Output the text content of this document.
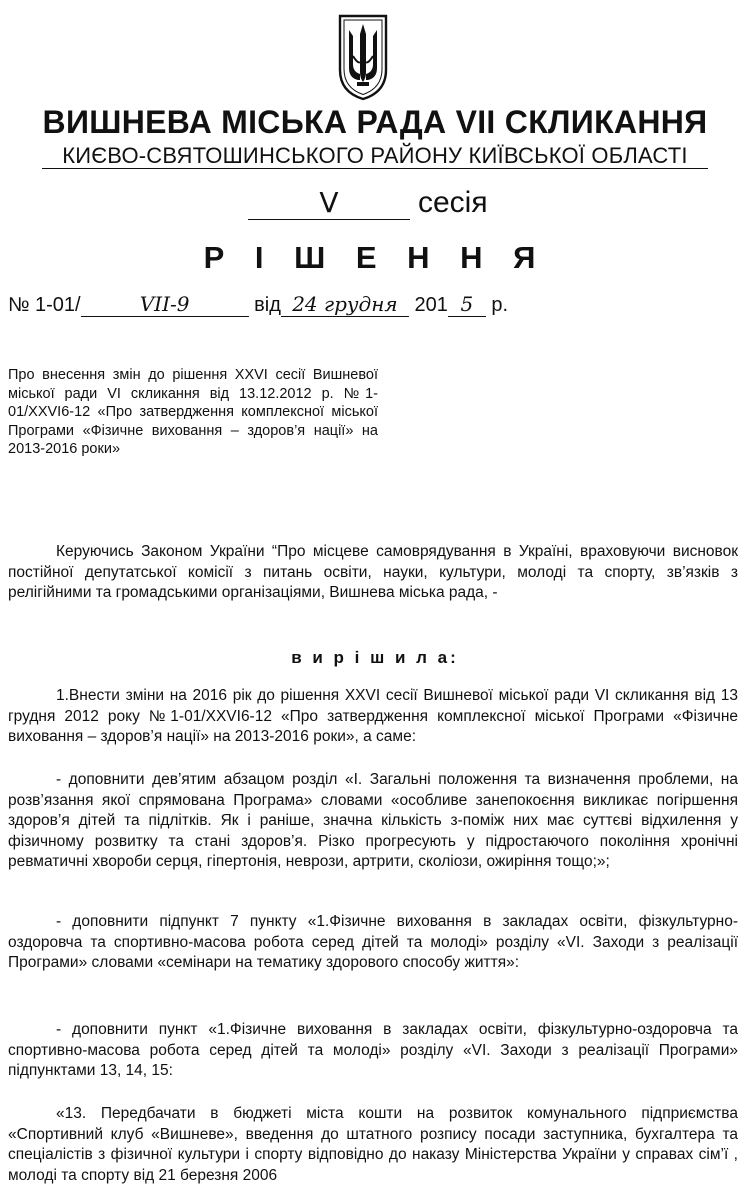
ВИШНЕВА МІСЬКА РАДА VII СКЛИКАННЯ
КИЄВО-СВЯТОШИНСЬКОГО РАЙОНУ КИЇВСЬКОЇ ОБЛАСТІ
V	сесія
Р І Ш Е Н Н Я
№ 1-01/	VII-9	від 24 грудня 201 5 р.
Про внесення змін до рішення XXVI сесії Вишневої міської ради VI скликання від 13.12.2012 р. №1-01/XXVI6-12 «Про затвердження комплексної міської Програми «Фізичне виховання – здоров’я нації» на 2013-2016 роки»
Керуючись Законом України “Про місцеве самоврядування в Україні, враховуючи висновок постійної депутатської комісії з питань освіти, науки, культури, молоді та спорту, зв’язків з релігійними та громадськими організаціями, Вишнева міська рада, -
в и р і ш и л а:
1.Внести зміни на 2016 рік до рішення XXVI сесії Вишневої міської ради VI скликання від 13 грудня 2012 року №1-01/XXVI6-12 «Про затвердження комплексної міської Програми «Фізичне виховання – здоров’я нації» на 2013-2016 роки», а саме:
- доповнити дев’ятим абзацом розділ «І. Загальні положення та визначення проблеми, на розв’язання якої спрямована Програма» словами «особливе занепокоєння викликає погіршення здоров’я дітей та підлітків. Як і раніше, значна кількість з-поміж них має суттєві відхилення у фізичному розвитку та стані здоров’я. Різко прогресують у підростаючого покоління хронічні ревматичні хвороби серця, гіпертонія, неврози, артрити, сколіози, ожиріння тощо;»;
- доповнити підпункт 7 пункту «1.Фізичне виховання в закладах освіти, фізкультурно-оздоровча та спортивно-масова робота серед дітей та молоді» розділу «VI. Заходи з реалізації Програми» словами «семінари на тематику здорового способу життя»:
- доповнити пункт «1.Фізичне виховання в закладах освіти, фізкультурно-оздоровча та спортивно-масова робота серед дітей та молоді» розділу «VI. Заходи з реалізації Програми» підпунктами 13, 14, 15:
«13. Передбачати в бюджеті міста кошти на розвиток комунального підприємства «Спортивний клуб «Вишневе», введення до штатного розпису посади заступника, бухгалтера та спеціалістів з фізичної культури і спорту відповідно до наказу Міністерства України у справах сім’ї , молоді та спорту від 21 березня 2006
